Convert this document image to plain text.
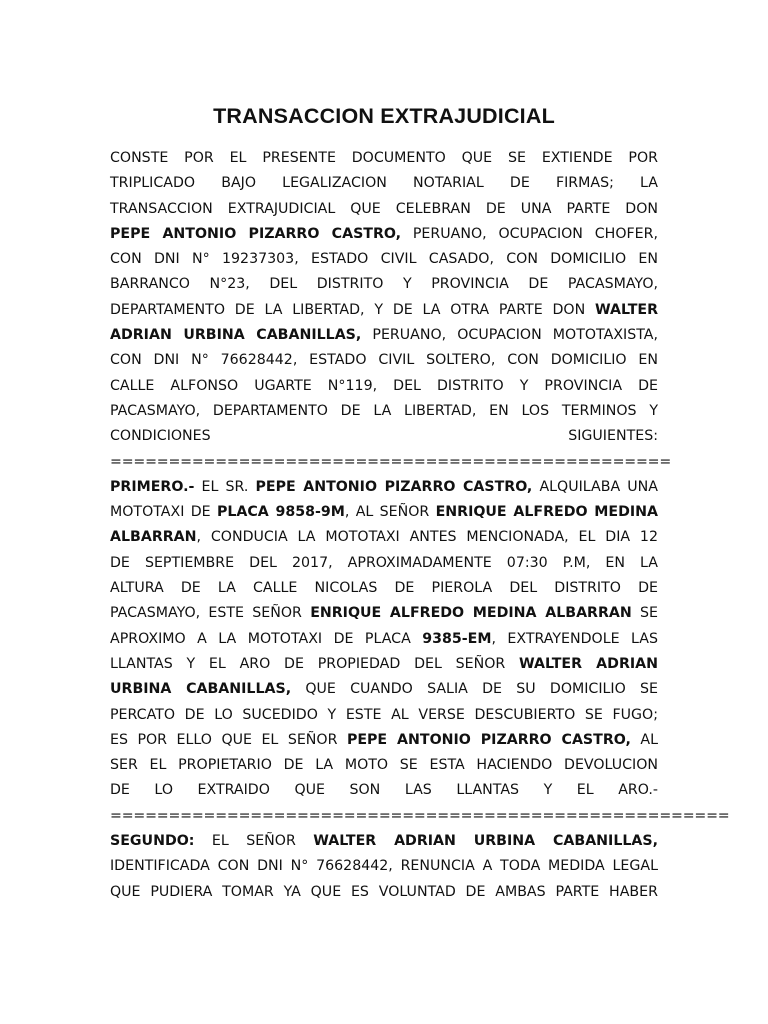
TRANSACCION EXTRAJUDICIAL
CONSTE POR EL PRESENTE DOCUMENTO QUE SE EXTIENDE POR
TRIPLICADO BAJO LEGALIZACION NOTARIAL DE FIRMAS; LA
TRANSACCION EXTRAJUDICIAL QUE CELEBRAN DE UNA PARTE DON
PEPE ANTONIO PIZARRO CASTRO, PERUANO, OCUPACION CHOFER,
CON DNI N° 19237303, ESTADO CIVIL CASADO, CON DOMICILIO EN
BARRANCO N°23, DEL DISTRITO Y PROVINCIA DE PACASMAYO,
DEPARTAMENTO DE LA LIBERTAD, Y DE LA OTRA PARTE DON WALTER
ADRIAN URBINA CABANILLAS, PERUANO, OCUPACION MOTOTAXISTA,
CON DNI N° 76628442, ESTADO CIVIL SOLTERO, CON DOMICILIO EN
CALLE ALFONSO UGARTE N°119, DEL DISTRITO Y PROVINCIA DE
PACASMAYO, DEPARTAMENTO DE LA LIBERTAD, EN LOS TERMINOS Y
CONDICIONES SIGUIENTES:
================================================
PRIMERO.- EL SR. PEPE ANTONIO PIZARRO CASTRO, ALQUILABA UNA
MOTOTAXI DE PLACA 9858-9M, AL SEÑOR ENRIQUE ALFREDO MEDINA
ALBARRAN, CONDUCIA LA MOTOTAXI ANTES MENCIONADA, EL DIA 12
DE SEPTIEMBRE DEL 2017, APROXIMADAMENTE 07:30 P.M, EN LA
ALTURA DE LA CALLE NICOLAS DE PIEROLA DEL DISTRITO DE
PACASMAYO, ESTE SEÑOR ENRIQUE ALFREDO MEDINA ALBARRAN SE
APROXIMO A LA MOTOTAXI DE PLACA 9385-EM, EXTRAYENDOLE LAS
LLANTAS Y EL ARO DE PROPIEDAD DEL SEÑOR WALTER ADRIAN
URBINA CABANILLAS, QUE CUANDO SALIA DE SU DOMICILIO SE
PERCATO DE LO SUCEDIDO Y ESTE AL VERSE DESCUBIERTO SE FUGO;
ES POR ELLO QUE EL SEÑOR PEPE ANTONIO PIZARRO CASTRO, AL
SER EL PROPIETARIO DE LA MOTO SE ESTA HACIENDO DEVOLUCION
DE LO EXTRAIDO QUE SON LAS LLANTAS Y EL ARO.-
=====================================================
SEGUNDO: EL SEÑOR WALTER ADRIAN URBINA CABANILLAS,
IDENTIFICADA CON DNI N° 76628442, RENUNCIA A TODA MEDIDA LEGAL
QUE PUDIERA TOMAR YA QUE ES VOLUNTAD DE AMBAS PARTE HABER
